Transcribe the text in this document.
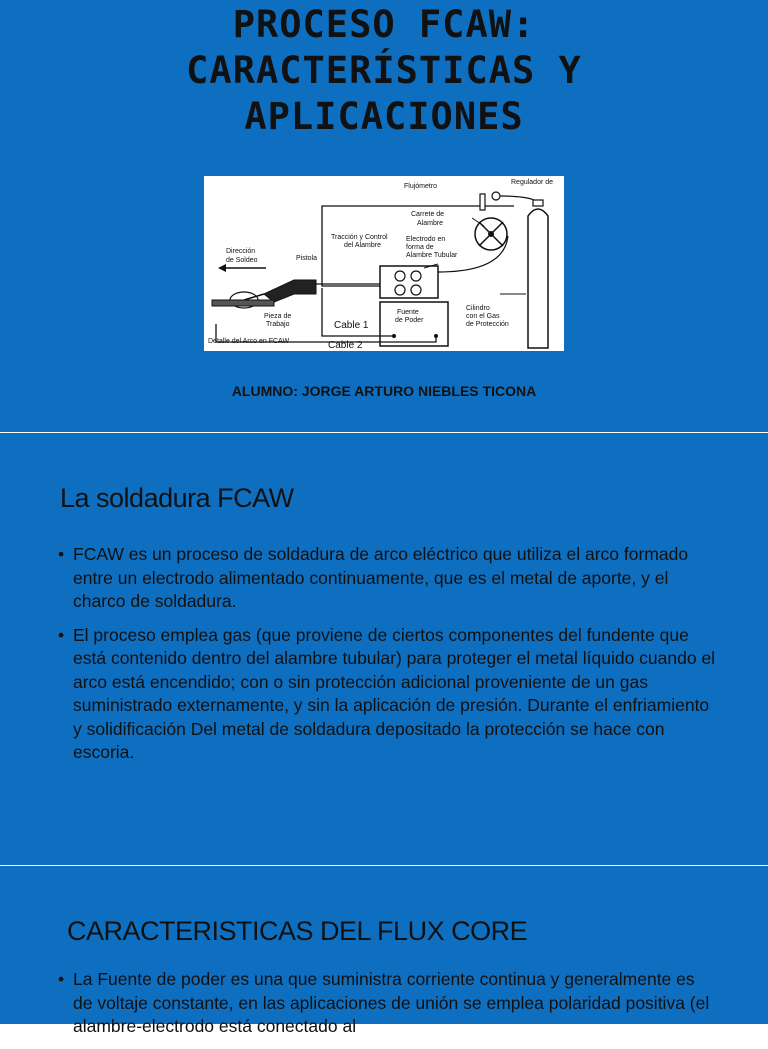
PROCESO FCAW:
CARACTERÍSTICAS Y
APLICACIONES
Flujómetro
Regulador de
Carrete de
Alambre
Tracción y Control
del Alambre
Electrodo en
forma de
Alambre Tubular
Dirección
de Soldeo	Pistola
Pieza de
Trabajo
Fuente
de Poder
Cilindro
con el Gas
de Protección
Cable 1
Cable 2
Detalle del Arco en FCAW
ALUMNO: JORGE ARTURO NIEBLES TICONA
La soldadura FCAW
• FCAW es un proceso de soldadura de arco eléctrico que utiliza el arco formado entre un electrodo alimentado continuamente, que es el metal de aporte, y el charco de soldadura.
• El proceso emplea gas (que proviene de ciertos componentes del fundente que está contenido dentro del alambre tubular) para proteger el metal líquido cuando el arco está encendido; con o sin protección adicional proveniente de un gas suministrado externamente, y sin la aplicación de presión. Durante el enfriamiento y solidificación Del metal de soldadura depositado la protección se hace con escoria.
CARACTERISTICAS DEL FLUX CORE
• La Fuente de poder es una que suministra corriente continua y generalmente es de voltaje constante, en las aplicaciones de unión se emplea polaridad positiva (el alambre-electrodo está conectado al
